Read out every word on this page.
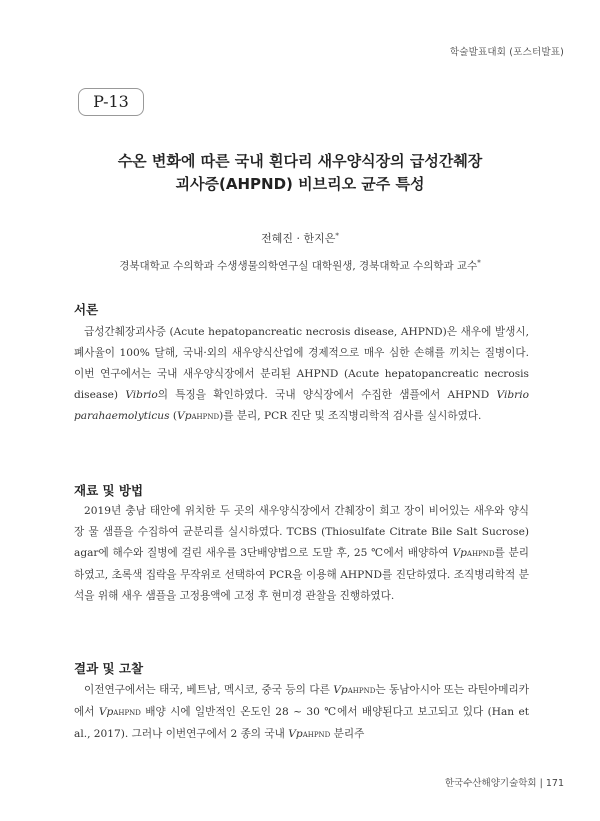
학술발표대회 (포스터발표)
P-13
수온 변화에 따른 국내 흰다리 새우양식장의 급성간췌장
괴사증(AHPND) 비브리오 균주 특성
전혜진 · 한지은*
경북대학교 수의학과 수생생물의학연구실 대학원생, 경북대학교 수의학과 교수*
서론

급성간췌장괴사증 (Acute hepatopancreatic necrosis disease, AHPND)은 새우에 발생시, 폐사율이 100% 달해, 국내·외의 새우양식산업에 경제적으로 매우 심한 손해를 끼치는 질병이다. 이번 연구에서는 국내 새우양식장에서 분리된 AHPND (Acute hepatopancreatic necrosis disease) Vibrio의 특징을 확인하였다. 국내 양식장에서 수집한 샘플에서 AHPND Vibrio parahaemolyticus (VpAHPND)를 분리, PCR 진단 및 조직병리학적 검사를 실시하였다.

재료 및 방법

2019년 충남 태안에 위치한 두 곳의 새우양식장에서 간췌장이 희고 장이 비어있는 새우와 양식장 물 샘플을 수집하여 균분리를 실시하였다. TCBS (Thiosulfate Citrate Bile Salt Sucrose) agar에 해수와 질병에 걸린 새우를 3단배양법으로 도말 후, 25 ℃에서 배양하여 VpAHPND를 분리하였고, 초록색 집락을 무작위로 선택하여 PCR을 이용해 AHPND를 진단하였다. 조직병리학적 분석을 위해 새우 샘플을 고정용액에 고정 후 현미경 관찰을 진행하였다.

결과 및 고찰

이전연구에서는 태국, 베트남, 멕시코, 중국 등의 다른 VpAHPND는 동남아시아 또는 라틴아메리카에서 VpAHPND 배양 시에 일반적인 온도인 28 ~ 30 ℃에서 배양된다고 보고되고 있다 (Han et al., 2017). 그러나 이번연구에서 2 종의 국내 VpAHPND 분리주

한국수산해양기술학회 | 171
